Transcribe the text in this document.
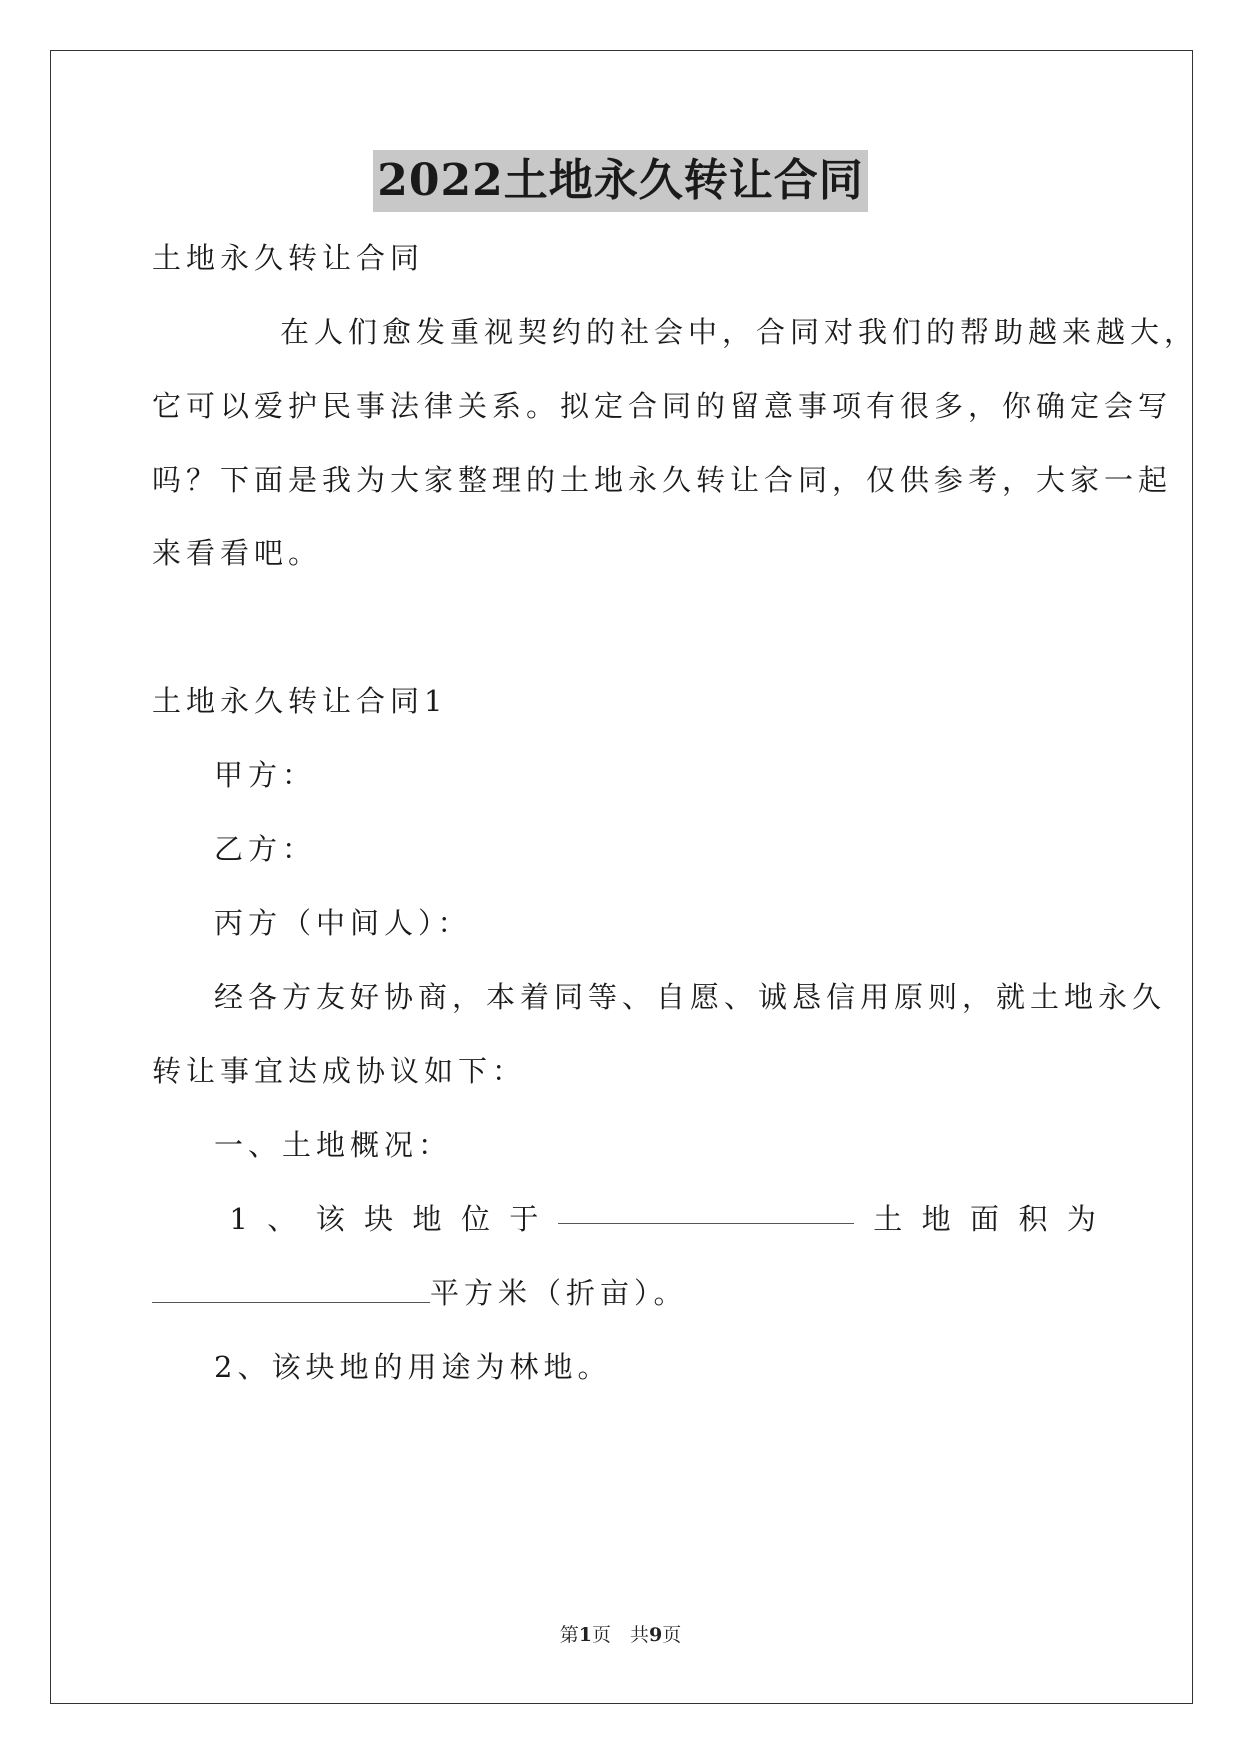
2022土地永久转让合同

土地永久转让合同

在人们愈发重视契约的社会中，合同对我们的帮助越来越大，

它可以爱护民事法律关系。拟定合同的留意事项有很多，你确定会写

吗？下面是我为大家整理的土地永久转让合同，仅供参考，大家一起

来看看吧。

土地永久转让合同1

甲方：

乙方：

丙方（中间人）：

经各方友好协商，本着同等、自愿、诚恳信用原则，就土地永久

转让事宜达成协议如下：

一、土地概况：

1 、 该 块 地 位 于	土 地 面 积 为

平方米（折亩）。

2、该块地的用途为林地。

第1页　共9页
